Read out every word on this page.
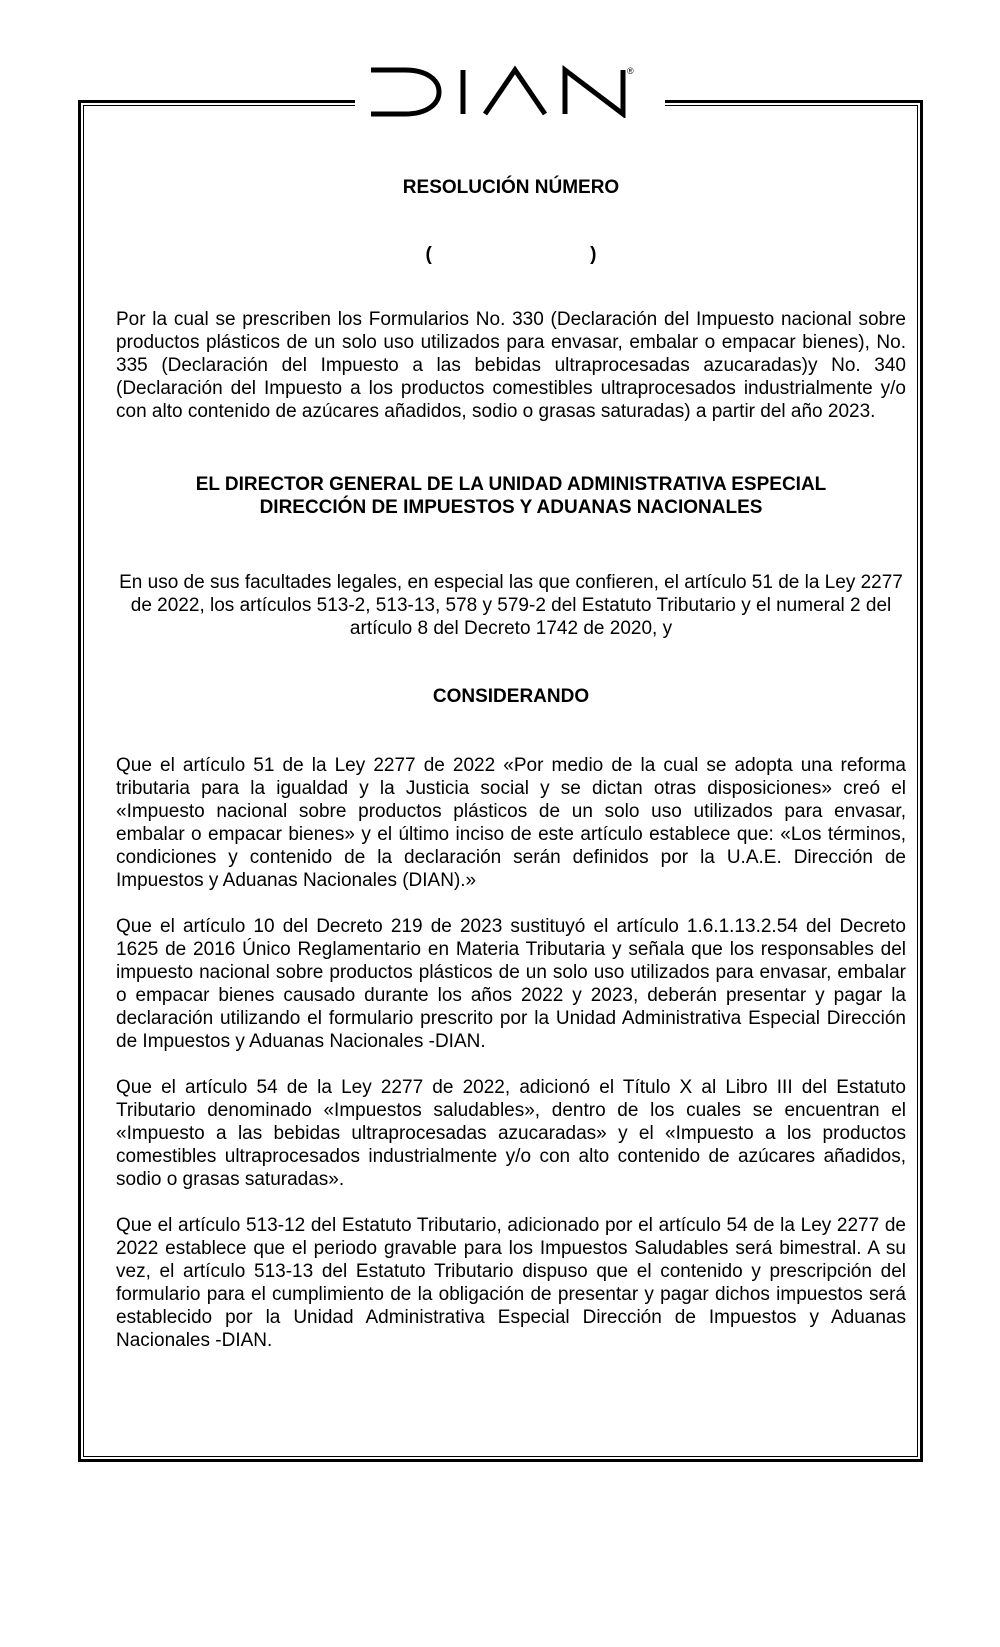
®

RESOLUCIÓN NÚMERO

(                              )

Por la cual se prescriben los Formularios No. 330 (Declaración del Impuesto nacional sobre productos plásticos de un solo uso utilizados para envasar, embalar o empacar bienes), No. 335 (Declaración del Impuesto a las bebidas ultraprocesadas azucaradas)y No. 340 (Declaración del Impuesto a los productos comestibles ultraprocesados industrialmente y/o con alto contenido de azúcares añadidos, sodio o grasas saturadas) a partir del año 2023.

EL DIRECTOR GENERAL DE LA UNIDAD ADMINISTRATIVA ESPECIAL

DIRECCIÓN DE IMPUESTOS Y ADUANAS NACIONALES

En uso de sus facultades legales, en especial las que confieren, el artículo 51 de la Ley 2277 de 2022, los artículos 513-2, 513-13, 578 y 579-2 del Estatuto Tributario y el numeral 2 del artículo 8 del Decreto 1742 de 2020, y

CONSIDERANDO

Que el artículo 51 de la Ley 2277 de 2022 «Por medio de la cual se adopta una reforma tributaria para la igualdad y la Justicia social y se dictan otras disposiciones» creó el «Impuesto nacional sobre productos plásticos de un solo uso utilizados para envasar, embalar o empacar bienes» y el último inciso de este artículo establece que: «Los términos, condiciones y contenido de la declaración serán definidos por la U.A.E. Dirección de Impuestos y Aduanas Nacionales (DIAN).»

Que el artículo 10 del Decreto 219 de 2023 sustituyó el artículo 1.6.1.13.2.54 del Decreto 1625 de 2016 Único Reglamentario en Materia Tributaria y señala que los responsables del impuesto nacional sobre productos plásticos de un solo uso utilizados para envasar, embalar o empacar bienes causado durante los años 2022 y 2023, deberán presentar y pagar la declaración utilizando el formulario prescrito por la Unidad Administrativa Especial Dirección de Impuestos y Aduanas Nacionales -DIAN.

Que el artículo 54 de la Ley 2277 de 2022, adicionó el Título X al Libro III del Estatuto Tributario denominado «Impuestos saludables», dentro de los cuales se encuentran el «Impuesto a las bebidas ultraprocesadas azucaradas» y el «Impuesto a los productos comestibles ultraprocesados industrialmente y/o con alto contenido de azúcares añadidos, sodio o grasas saturadas».

Que el artículo 513-12 del Estatuto Tributario, adicionado por el artículo 54 de la Ley 2277 de 2022 establece que el periodo gravable para los Impuestos Saludables será bimestral. A su vez, el artículo 513-13 del Estatuto Tributario dispuso que el contenido y prescripción del formulario para el cumplimiento de la obligación de presentar y pagar dichos impuestos será establecido por la Unidad Administrativa Especial Dirección de Impuestos y Aduanas Nacionales -DIAN.
